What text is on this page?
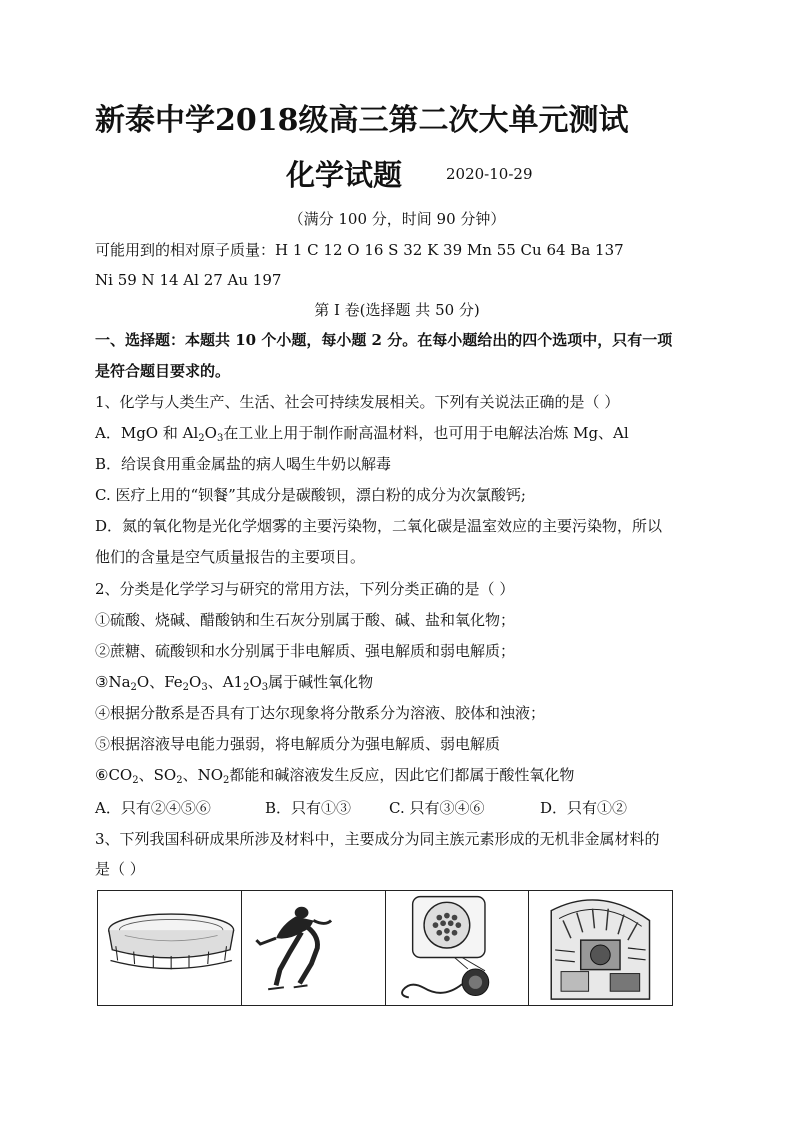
新泰中学2018级高三第二次大单元测试
化学试题	2020-10-29
（满分 100 分，时间 90 分钟）
可能用到的相对原子质量：H 1 C 12 O 16 S 32 K 39 Mn 55 Cu 64 Ba 137
Ni 59 N 14 Al 27 Au 197
第 I 卷(选择题 共 50 分)
一、选择题：本题共 10 个小题，每小题 2 分。在每小题给出的四个选项中，只有一项
是符合题目要求的。
1、化学与人类生产、生活、社会可持续发展相关。下列有关说法正确的是（ ）
A．MgO 和 $Al_2O_3$在工业上用于制作耐高温材料，也可用于电解法冶炼 Mg、Al
B．给误食用重金属盐的病人喝生牛奶以解毒
C. 医疗上用的“钡餐”其成分是碳酸钡，漂白粉的成分为次氯酸钙;
D．氮的氧化物是光化学烟雾的主要污染物，二氧化碳是温室效应的主要污染物，所以
他们的含量是空气质量报告的主要项目。
2、分类是化学学习与研究的常用方法，下列分类正确的是（ ）
①硫酸、烧碱、醋酸钠和生石灰分别属于酸、碱、盐和氧化物；
②蔗糖、硫酸钡和水分别属于非电解质、强电解质和弱电解质；
$③Na_2O$、$Fe_2O_3$、$A1_2O_3$属于碱性氧化物
④根据分散系是否具有丁达尔现象将分散系分为溶液、胶体和浊液；
⑤根据溶液导电能力强弱，将电解质分为强电解质、弱电解质
$⑥CO_2$、$SO_2$、$NO_2$都能和碱溶液发生反应，因此它们都属于酸性氧化物
A．只有②④⑤⑥	B．只有①③	C. 只有③④⑥	D．只有①②
3、下列我国科研成果所涉及材料中，主要成分为同主族元素形成的无机非金属材料的
是（ ）
